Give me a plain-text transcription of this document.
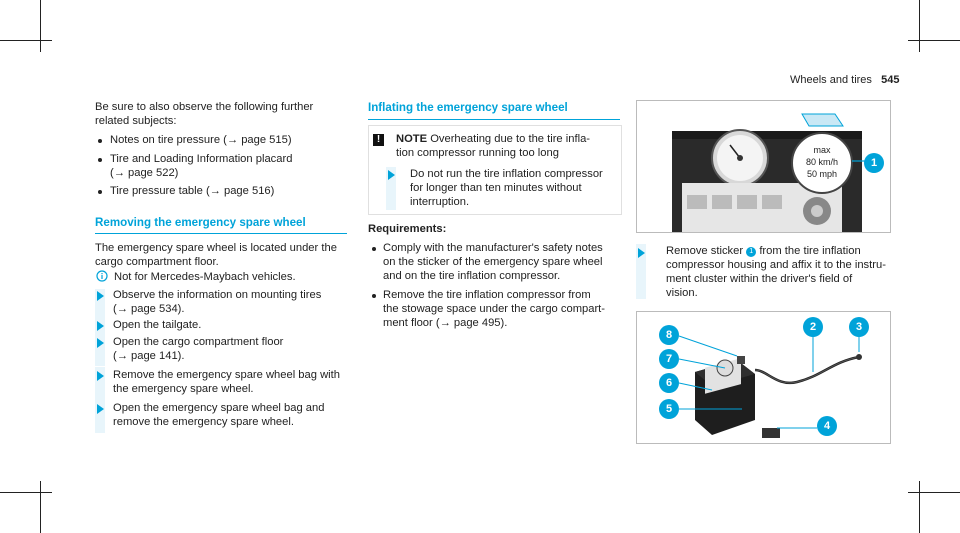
Wheels and tires 545
Be sure to also observe the following further
related subjects:
Notes on tire pressure (→ page 515)
Tire and Loading Information placard
(→ page 522)
Tire pressure table (→ page 516)
Removing the emergency spare wheel
The emergency spare wheel is located under the
cargo compartment floor.
Not for Mercedes-Maybach vehicles.
Observe the information on mounting tires
(→ page 534).
Open the tailgate.
Open the cargo compartment floor
(→ page 141).
Remove the emergency spare wheel bag with
the emergency spare wheel.
Open the emergency spare wheel bag and
remove the emergency spare wheel.
Inflating the emergency spare wheel
!	NOTE Overheating due to the tire infla-
tion compressor running too long
Do not run the tire inflation compressor
for longer than ten minutes without
interruption.
Requirements:
Comply with the manufacturer's safety notes
on the sticker of the emergency spare wheel
and on the tire inflation compressor.
Remove the tire inflation compressor from
the stowage space under the cargo compart-
ment floor (→ page 495).
max
80 km/h
50 mph
1
Remove sticker 1 from the tire inflation
compressor housing and affix it to the instru-
ment cluster within the driver's field of
vision.
8
7
6
5
2	3
4
